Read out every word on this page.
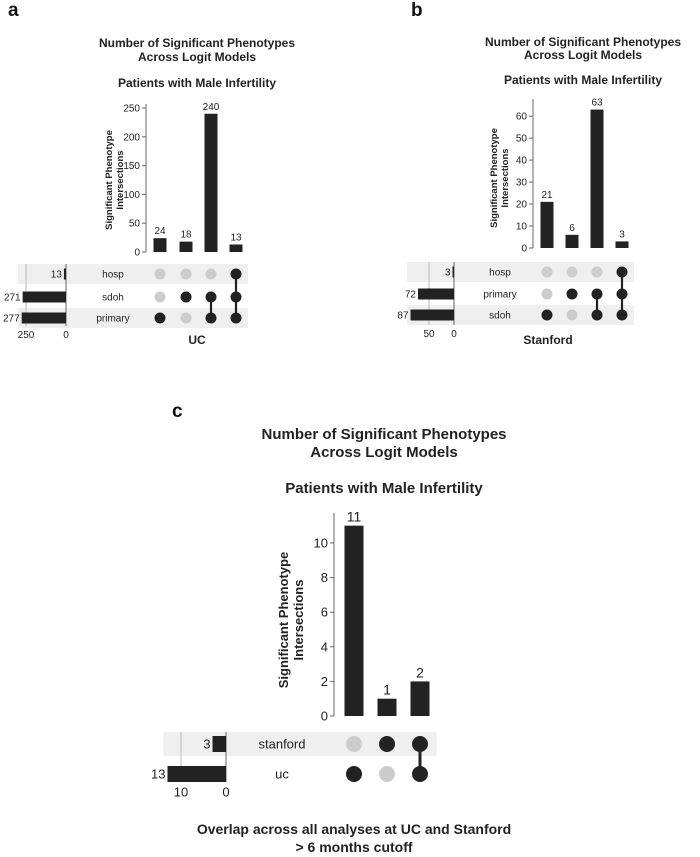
a
Number of Significant Phenotypes Across Logit Models
Patients with Male Infertility
0
50
100
150
200
250
Significant PhenotypeIntersections
24 18
240
13
250	0
hosp
13
sdoh
271
primary
277
UC
b
Number of Significant Phenotypes Across Logit Models
Patients with Male Infertility
0
10
20
30
40
50
60
Significant PhenotypeIntersections	21
6
63
3
50 0
hosp
3
primary
72
sdoh
87
Stanford
c
Number of Significant Phenotypes Across Logit Models
Patients with Male Infertility
0
2
4
6
8
10
Significant PhenotypeIntersections
11
1
2
10	0
stanford
3
uc
13
Overlap across all analyses at UC and Stanford > 6 months cutoff
